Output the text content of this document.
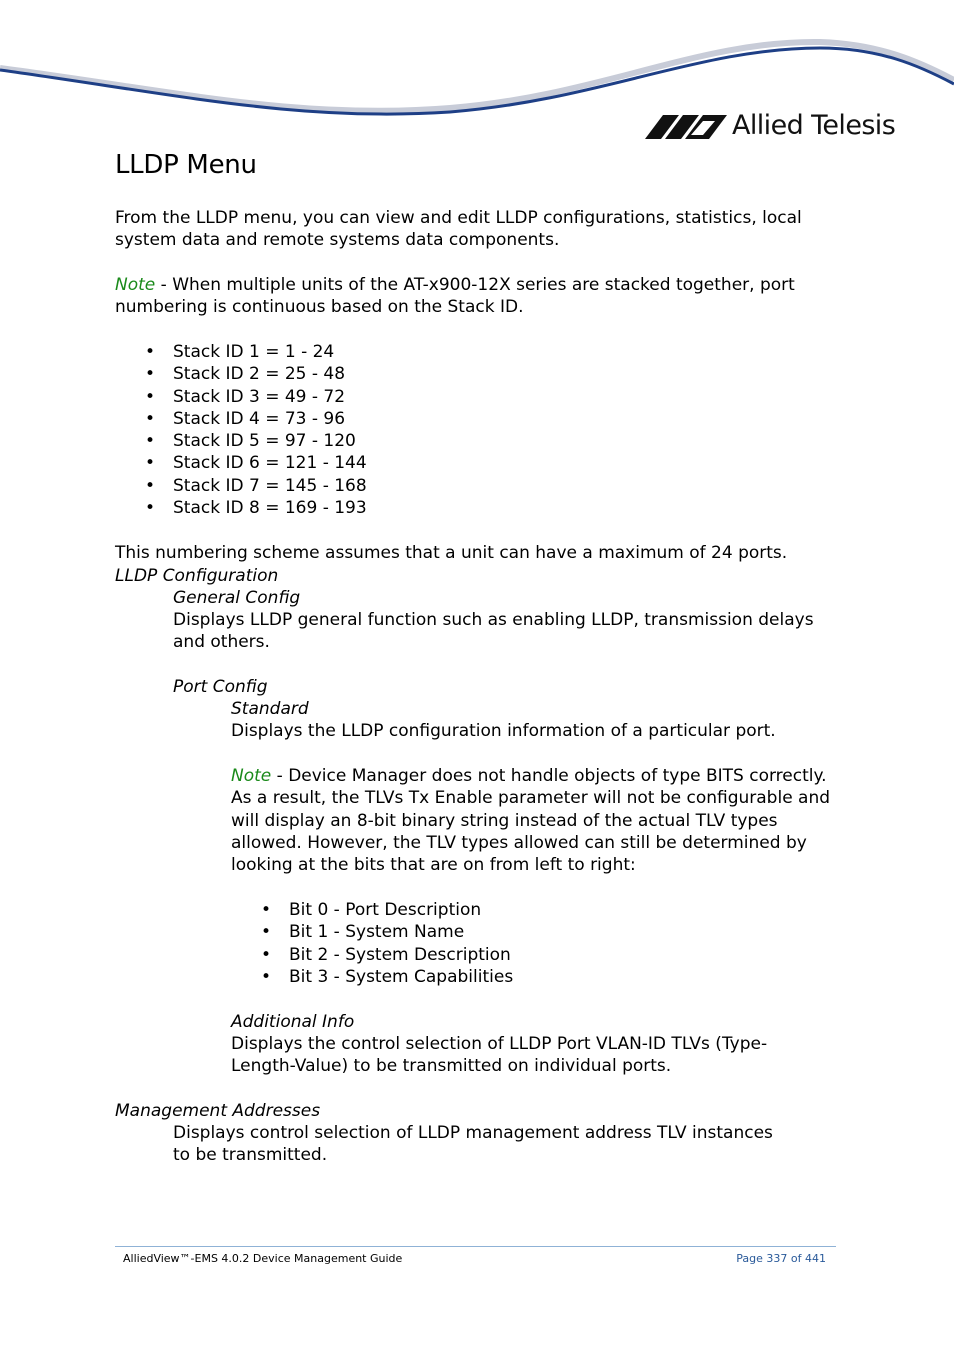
Allied Telesis
LLDP Menu

From the LLDP menu, you can view and edit LLDP configurations, statistics, local system data and remote systems data components.

Note - When multiple units of the AT-x900-12X series are stacked together, port numbering is continuous based on the Stack ID.

• Stack ID 1 = 1 - 24
• Stack ID 2 = 25 - 48
• Stack ID 3 = 49 - 72
• Stack ID 4 = 73 - 96
• Stack ID 5 = 97 - 120
• Stack ID 6 = 121 - 144
• Stack ID 7 = 145 - 168
• Stack ID 8 = 169 - 193

This numbering scheme assumes that a unit can have a maximum of 24 ports.

LLDP Configuration

General Config

Displays LLDP general function such as enabling LLDP, transmission delays and others.

Port Config

Standard

Displays the LLDP configuration information of a particular port.

Note - Device Manager does not handle objects of type BITS correctly. As a result, the TLVs Tx Enable parameter will not be configurable and will display an 8-bit binary string instead of the actual TLV types allowed. However, the TLV types allowed can still be determined by looking at the bits that are on from left to right:

• Bit 0 - Port Description
• Bit 1 - System Name
• Bit 2 - System Description
• Bit 3 - System Capabilities

Additional Info

Displays the control selection of LLDP Port VLAN-ID TLVs (Type-Length-Value) to be transmitted on individual ports.

Management Addresses

Displays control selection of LLDP management address TLV instances to be transmitted.

AlliedView™-EMS 4.0.2 Device Management Guide	Page 337 of 441
